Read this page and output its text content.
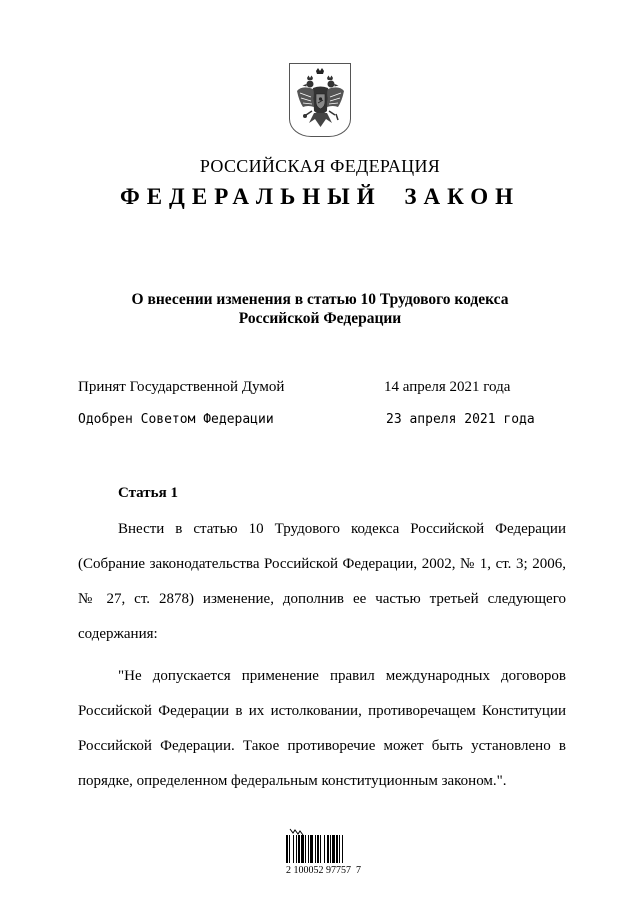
РОССИЙСКАЯ ФЕДЕРАЦИЯ
ФЕДЕРАЛЬНЫЙ ЗАКОН
О внесении изменения в статью 10 Трудового кодекса
Российской Федерации
Принят Государственной Думой	14 апреля 2021 года
Одобрен Советом Федерации	23 апреля 2021 года
Статья 1
Внести в статью 10 Трудового кодекса Российской Федерации
(Собрание законодательства Российской Федерации, 2002, № 1, ст. 3; 2006,
№ 27, ст. 2878) изменение, дополнив ее частью третьей следующего
содержания:
"Не допускается применение правил международных договоров
Российской Федерации в их истолковании, противоречащем Конституции
Российской Федерации. Такое противоречие может быть установлено в
порядке, определенном федеральным конституционным законом.".
2 100052 97757  7
